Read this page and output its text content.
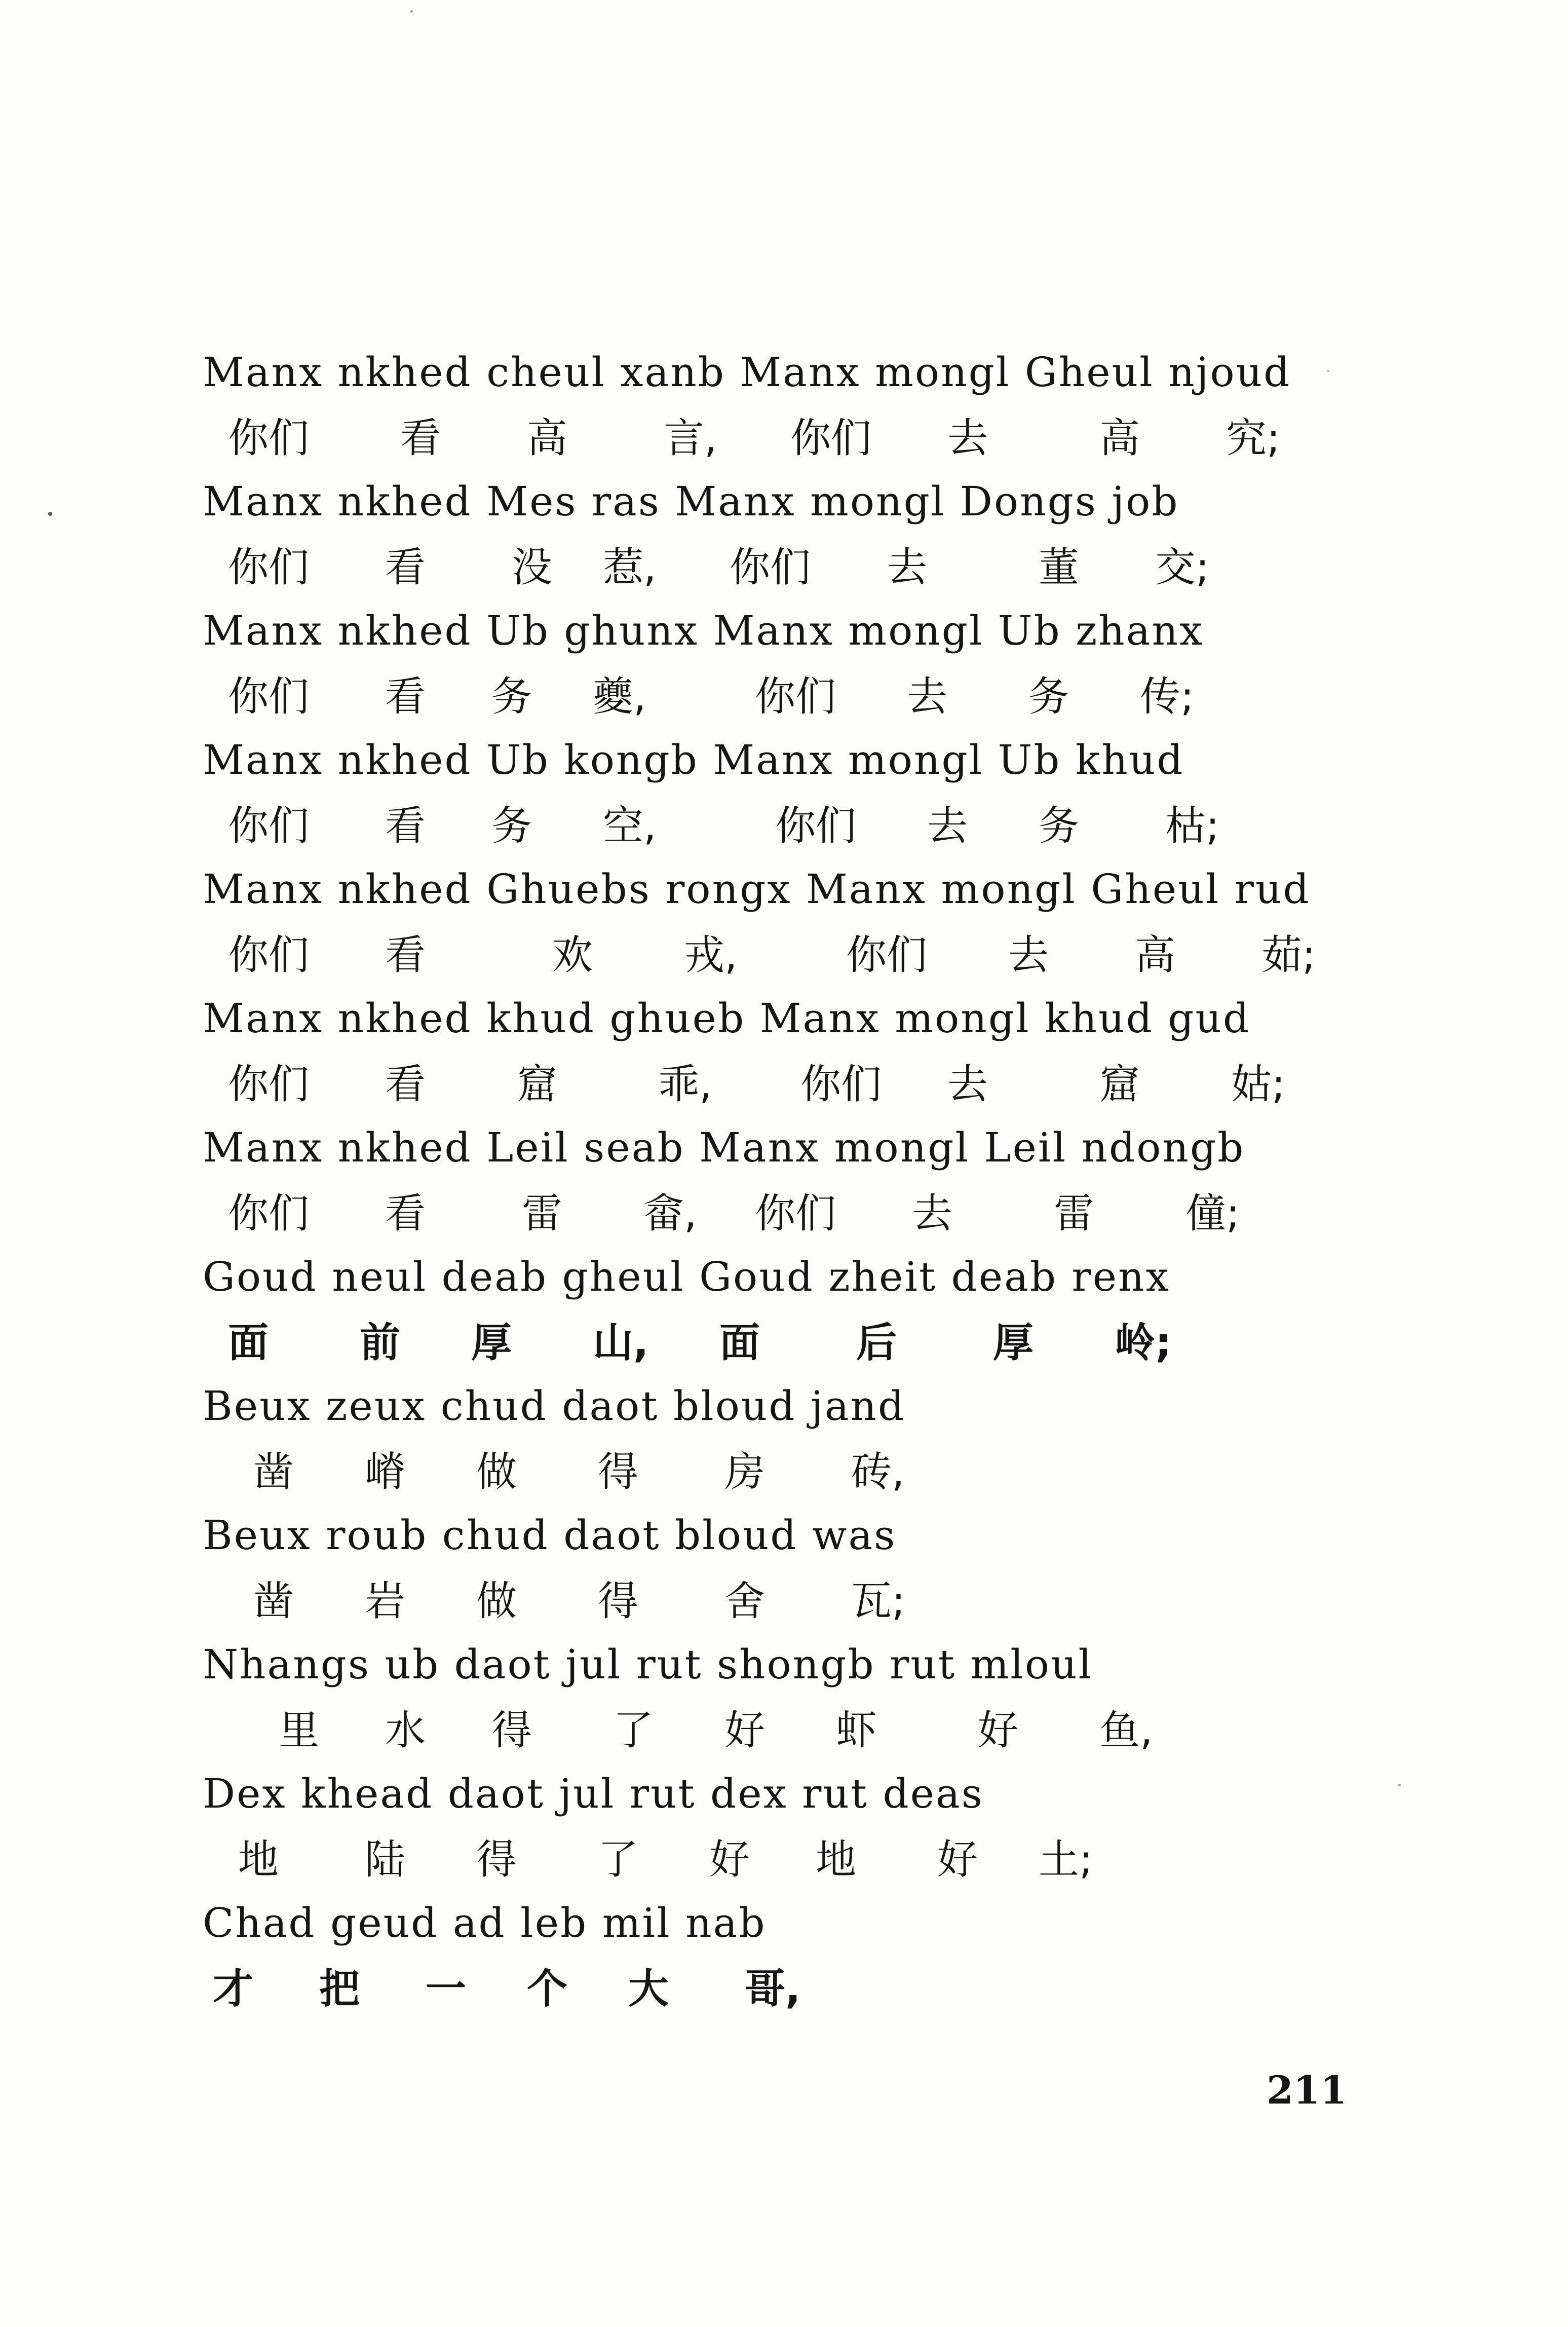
Manx nkhed cheul xanb Manx mongl Gheul njoud
你们 看 高 言, 你们 去	高 究;
Manx nkhed Mes ras Manx mongl Dongs job
你们 看 没 惹, 你们 去	董 交;
Manx nkhed Ub ghunx Manx mongl Ub zhanx
你们 看 务 夔,	你们 去 务 传;
Manx nkhed Ub kongb Manx mongl Ub khud
你们 看 务 空,	你们 去 务 枯;
Manx nkhed Ghuebs rongx Manx mongl Gheul rud
你们 看	欢 戎,	你们 去 高 茹;
Manx nkhed khud ghueb Manx mongl khud gud
你们 看 窟	乖, 你们 去	窟 姑;
Manx nkhed Leil seab Manx mongl Leil ndongb
你们 看 雷 畲, 你们 去	雷 僮;
Goud neul deab gheul Goud zheit deab renx
面 前 厚 山, 面 后 厚 岭;
Beux zeux chud daot bloud jand
凿 嵴 做 得 房 砖,
Beux roub chud daot bloud was
凿 岩 做 得 舍 瓦;
Nhangs ub daot jul rut shongb rut mloul
里 水 得 了 好 虾	好 鱼,
Dex khead daot jul rut dex rut deas
地 陆 得 了 好 地 好 土;
Chad geud ad leb mil nab
才 把 一 个 大 哥,
211
